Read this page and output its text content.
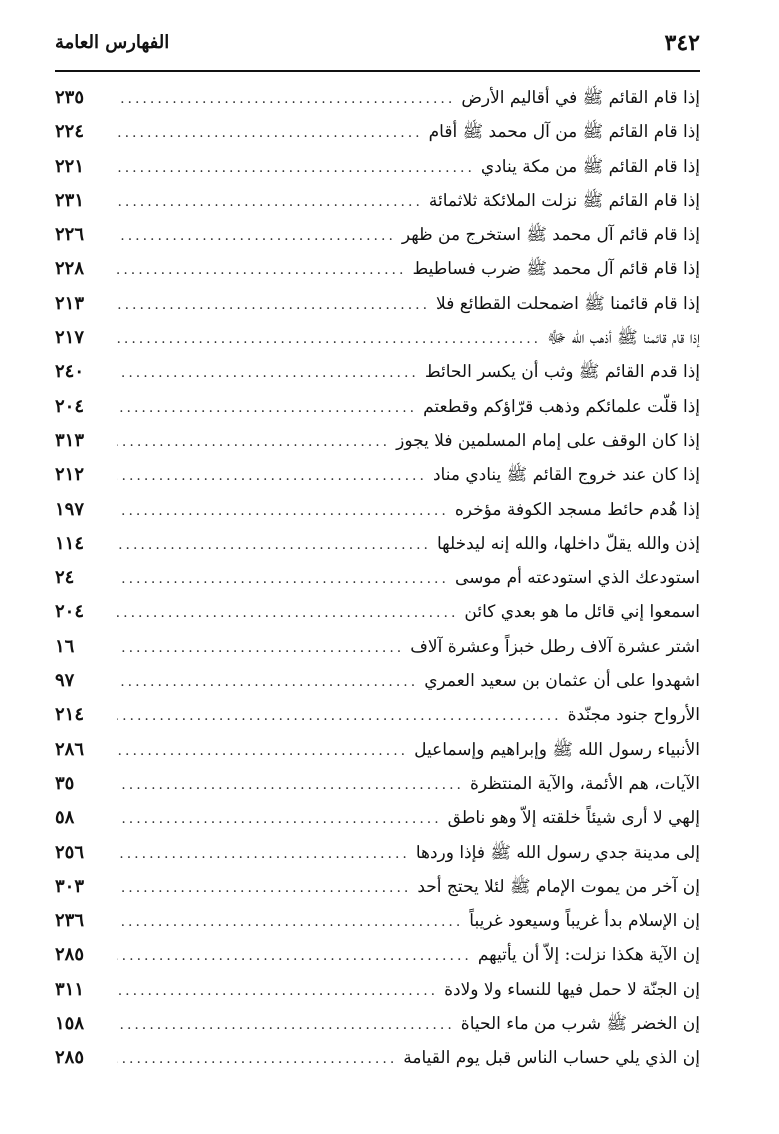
٣٤٢
الفهارس العامة
إذا قام القائم ﷺ في أقاليم الأرض
.....
٢٣٥
إذا قام القائم ﷺ من آل محمد ﷺ أقام
.....
٢٢٤
إذا قام القائم ﷺ من مكة ينادي
.....
٢٢١
إذا قام القائم ﷺ نزلت الملائكة ثلاثمائة
.....
٢٣١
إذا قام قائم آل محمد ﷺ استخرج من ظهر
.....
٢٢٦
إذا قام قائم آل محمد ﷺ ضرب فساطيط
.....
٢٢٨
إذا قام قائمنا ﷺ اضمحلت القطائع فلا
.....
٢١٣
إذا قام قائمنا ﷺ أذهب الله ﷻ
.....
٢١٧
إذا قدم القائم ﷺ وثب أن يكسر الحائط
.....
٢٤٠
إذا قلّت علمائكم وذهب قرّاؤكم وقطعتم
.....
٢٠٤
إذا كان الوقف على إمام المسلمين فلا يجوز
.....
٣١٣
إذا كان عند خروج القائم ﷺ ينادي مناد
.....
٢١٢
إذا هُدم حائط مسجد الكوفة مؤخره
.....
١٩٧
إذن والله يقلّ داخلها، والله إنه ليدخلها
.....
١١٤
استودعك الذي استودعته أم موسى
.....
٢٤
اسمعوا إني قائل ما هو بعدي كائن
.....
٢٠٤
اشتر عشرة آلاف رطل خبزاً وعشرة آلاف
.....
١٦
اشهدوا على أن عثمان بن سعيد العمري
.....
٩٧
الأرواح جنود مجنّدة
.....
٢١٤
الأنبياء رسول الله ﷺ وإبراهيم وإسماعيل
.....
٢٨٦
الآيات، هم الأئمة، والآية المنتظرة
.....
٣٥
إلهي لا أرى شيئاً خلقته إلاّ وهو ناطق
.....
٥٨
إلى مدينة جدي رسول الله ﷺ فإذا وردها
.....
٢٥٦
إن آخر من يموت الإمام ﷺ لئلا يحتج أحد
.....
٣٠٣
إن الإسلام بدأ غريباً وسيعود غريباً
.....
٢٣٦
إن الآية هكذا نزلت: إلاّ أن يأتيهم
.....
٢٨٥
إن الجنّة لا حمل فيها للنساء ولا ولادة
.....
٣١١
إن الخضر ﷺ شرب من ماء الحياة
.....
١٥٨
إن الذي يلي حساب الناس قبل يوم القيامة
.....
٢٨٥
